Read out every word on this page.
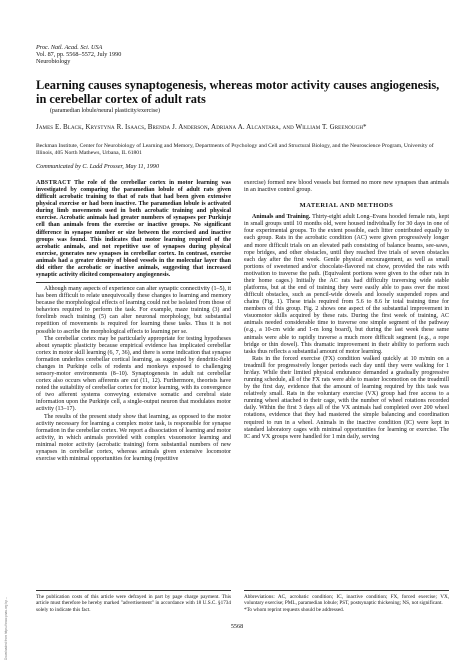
Proc. Natl. Acad. Sci. USA
Vol. 87, pp. 5568–5572, July 1990
Neurobiology
Learning causes synaptogenesis, whereas motor activity causes angiogenesis, in cerebellar cortex of adult rats
(paramedian lobule/neural plasticity/exercise)
James E. Black, Krystyna R. Isaacs, Brenda J. Anderson, Adriana A. Alcantara, and William T. Greenough*
Beckman Institute, Center for Neurobiology of Learning and Memory, Departments of Psychology and Cell and Structural Biology, and the Neuroscience Program, University of Illinois, 405 North Mathews, Urbana, IL 61801
Communicated by C. Ladd Prosser, May 11, 1990

ABSTRACT The role of the cerebellar cortex in motor learning was investigated by comparing the paramedian lobule of adult rats given difficult acrobatic training to that of rats that had been given extensive physical exercise or had been inactive. The paramedian lobule is activated during limb movements used in both acrobatic training and physical exercise. Acrobatic animals had greater numbers of synapses per Purkinje cell than animals from the exercise or inactive groups. No significant difference in synapse number or size between the exercised and inactive groups was found. This indicates that motor learning required of the acrobatic animals, and not repetitive use of synapses during physical exercise, generates new synapses in cerebellar cortex. In contrast, exercise animals had a greater density of blood vessels in the molecular layer than did either the acrobatic or inactive animals, suggesting that increased synaptic activity elicited compensatory angiogenesis.

Although many aspects of experience can alter synaptic connectivity (1–5), it has been difficult to relate unequivocally these changes to learning and memory because the morphological effects of learning could not be isolated from those of behaviors required to perform the task. For example, maze training (3) and forelimb reach training (5) can alter neuronal morphology, but substantial repetition of movements is required for learning these tasks. Thus it is not possible to ascribe the morphological effects to learning per se.

The cerebellar cortex may be particularly appropriate for testing hypotheses about synaptic plasticity because empirical evidence has implicated cerebellar cortex in motor skill learning (6, 7, 36), and there is some indication that synapse formation underlies cerebellar cortical learning, as suggested by dendritic-field changes in Purkinje cells of rodents and monkeys exposed to challenging sensory-motor environments (8–10). Synaptogenesis in adult rat cerebellar cortex also occurs when afferents are cut (11, 12). Furthermore, theorists have noted the suitability of cerebellar cortex for motor learning, with its convergence of two afferent systems conveying extensive somatic and cerebral state information upon the Purkinje cell, a single-output neuron that modulates motor activity (13–17).

The results of the present study show that learning, as opposed to the motor activity necessary for learning a complex motor task, is responsible for synapse formation in the cerebellar cortex. We report a dissociation of learning and motor activity, in which animals provided with complex visuomotor learning and minimal motor activity (acrobatic training) form substantial numbers of new synapses in cerebellar cortex, whereas animals given extensive locomotor exercise with minimal opportunities for learning (repetitive

exercise) formed new blood vessels but formed no more new synapses than animals in an inactive control group.

MATERIAL AND METHODS

Animals and Training. Thirty-eight adult Long–Evans hooded female rats, kept in small groups until 10 months old, were housed individually for 30 days in one of four experimental groups. To the extent possible, each litter contributed equally to each group. Rats in the acrobatic condition (AC) were given progressively longer and more difficult trials on an elevated path consisting of balance beams, see-saws, rope bridges, and other obstacles, until they reached five trials of seven obstacles each day after the first week. Gentle physical encouragement, as well as small portions of sweetened and/or chocolate-flavored rat chow, provided the rats with motivation to traverse the path. (Equivalent portions were given to the other rats in their home cages.) Initially the AC rats had difficulty traversing wide stable platforms, but at the end of training they were easily able to pass over the most difficult obstacles, such as pencil-wide dowels and loosely suspended ropes and chains (Fig. 1). These trials required from 5.6 to 8.6 hr total training time for members of this group. Fig. 2 shows one aspect of the substantial improvement in visuomotor skills acquired by these rats. During the first week of training, AC animals needed considerable time to traverse one simple segment of the pathway (e.g., a 10-cm wide and 1-m long board), but during the last week these same animals were able to rapidly traverse a much more difficult segment (e.g., a rope bridge or thin dowel). This dramatic improvement in their ability to perform such tasks thus reflects a substantial amount of motor learning.

Rats in the forced exercise (FX) condition walked quickly at 10 m/min on a treadmill for progressively longer periods each day until they were walking for 1 hr/day. While their limited physical endurance demanded a gradually progressive running schedule, all of the FX rats were able to master locomotion on the treadmill by the first day, evidence that the amount of learning required by this task was relatively small. Rats in the voluntary exercise (VX) group had free access to a running wheel attached to their cage, with the number of wheel rotations recorded daily. Within the first 3 days all of the VX animals had completed over 200 wheel rotations, evidence that they had mastered the simple balancing and coordination required to run in a wheel. Animals in the inactive condition (IC) were kept in standard laboratory cages with minimal opportunities for learning or exercise. The IC and VX groups were handled for 1 min daily, serving

The publication costs of this article were defrayed in part by page charge payment. This article must therefore be hereby marked "advertisement" in accordance with 18 U.S.C. §1734 solely to indicate this fact.
Abbreviations: AC, acrobatic condition; IC, inactive condition; FX, forced exercise; VX, voluntary exercise; PML, paramedian lobule; PST, postsynaptic thickening; NS, not significant.
*To whom reprint requests should be addressed.
5568
Downloaded from https://www.pnas.org by ...
